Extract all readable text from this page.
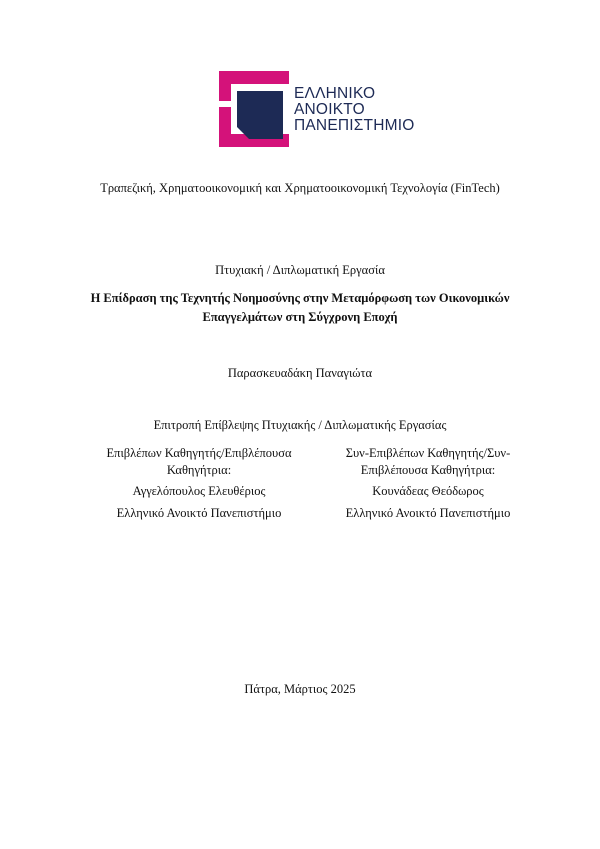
ΕΛΛΗΝΙΚΟ
ΑΝΟΙΚΤΟ
ΠΑΝΕΠΙΣΤΗΜΙΟ
Τραπεζική, Χρηματοοικονομική και Χρηματοοικονομική Τεχνολογία (FinTech)
Πτυχιακή / Διπλωματική Εργασία
Η Επίδραση της Τεχνητής Νοημοσύνης στην Μεταμόρφωση των Οικονομικών
Επαγγελμάτων στη Σύγχρονη Εποχή
Παρασκευαδάκη Παναγιώτα
Επιτροπή Επίβλεψης Πτυχιακής / Διπλωματικής Εργασίας
Επιβλέπων Καθηγητής/Επιβλέπουσα Καθηγήτρια:
Αγγελόπουλος Ελευθέριος
Ελληνικό Ανοικτό Πανεπιστήμιο
Συν-Επιβλέπων Καθηγητής/Συν-Επιβλέπουσα Καθηγήτρια:
Κουνάδεας Θεόδωρος
Ελληνικό Ανοικτό Πανεπιστήμιο
Πάτρα, Μάρτιος 2025
